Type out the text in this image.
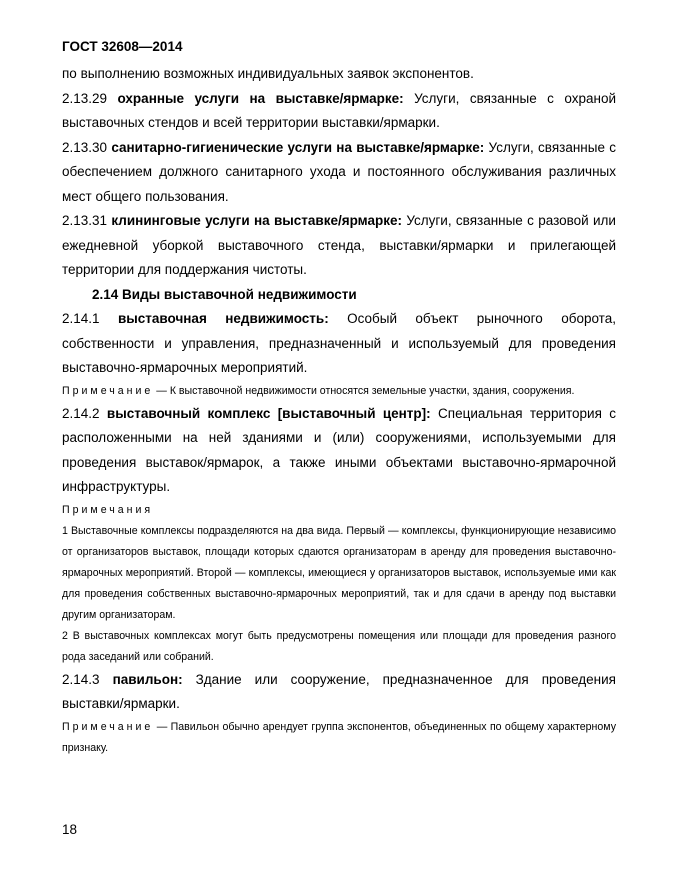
ГОСТ 32608—2014

по выполнению возможных индивидуальных заявок экспонентов.

2.13.29 охранные услуги на выставке/ярмарке: Услуги, связанные с охраной выставочных стендов и всей территории выставки/ярмарки.

2.13.30 санитарно-гигиенические услуги на выставке/ярмарке: Услуги, связанные с обеспечением должного санитарного ухода и постоянного обслуживания различных мест общего пользования.

2.13.31 клининговые услуги на выставке/ярмарке: Услуги, связанные с разовой или ежедневной уборкой выставочного стенда, выставки/ярмарки и прилегающей территории для поддержания чистоты.

2.14 Виды выставочной недвижимости

2.14.1 выставочная недвижимость: Особый объект рыночного оборота, собственности и управления, предназначенный и используемый для проведения выставочно-ярмарочных мероприятий.

Примечание — К выставочной недвижимости относятся земельные участки, здания, сооружения.

2.14.2 выставочный комплекс [выставочный центр]: Специальная территория с расположенными на ней зданиями и (или) сооружениями, используемыми для проведения выставок/ярмарок, а также иными объектами выставочно-ярмарочной инфраструктуры.

Примечания

1 Выставочные комплексы подразделяются на два вида. Первый — комплексы, функционирующие независимо от организаторов выставок, площади которых сдаются организаторам в аренду для проведения выставочно-ярмарочных мероприятий. Второй — комплексы, имеющиеся у организаторов выставок, используемые ими как для проведения собственных выставочно-ярмарочных мероприятий, так и для сдачи в аренду под выставки другим организаторам.

2 В выставочных комплексах могут быть предусмотрены помещения или площади для проведения разного рода заседаний или собраний.

2.14.3 павильон: Здание или сооружение, предназначенное для проведения выставки/ярмарки.

Примечание — Павильон обычно арендует группа экспонентов, объединенных по общему характерному признаку.

18
